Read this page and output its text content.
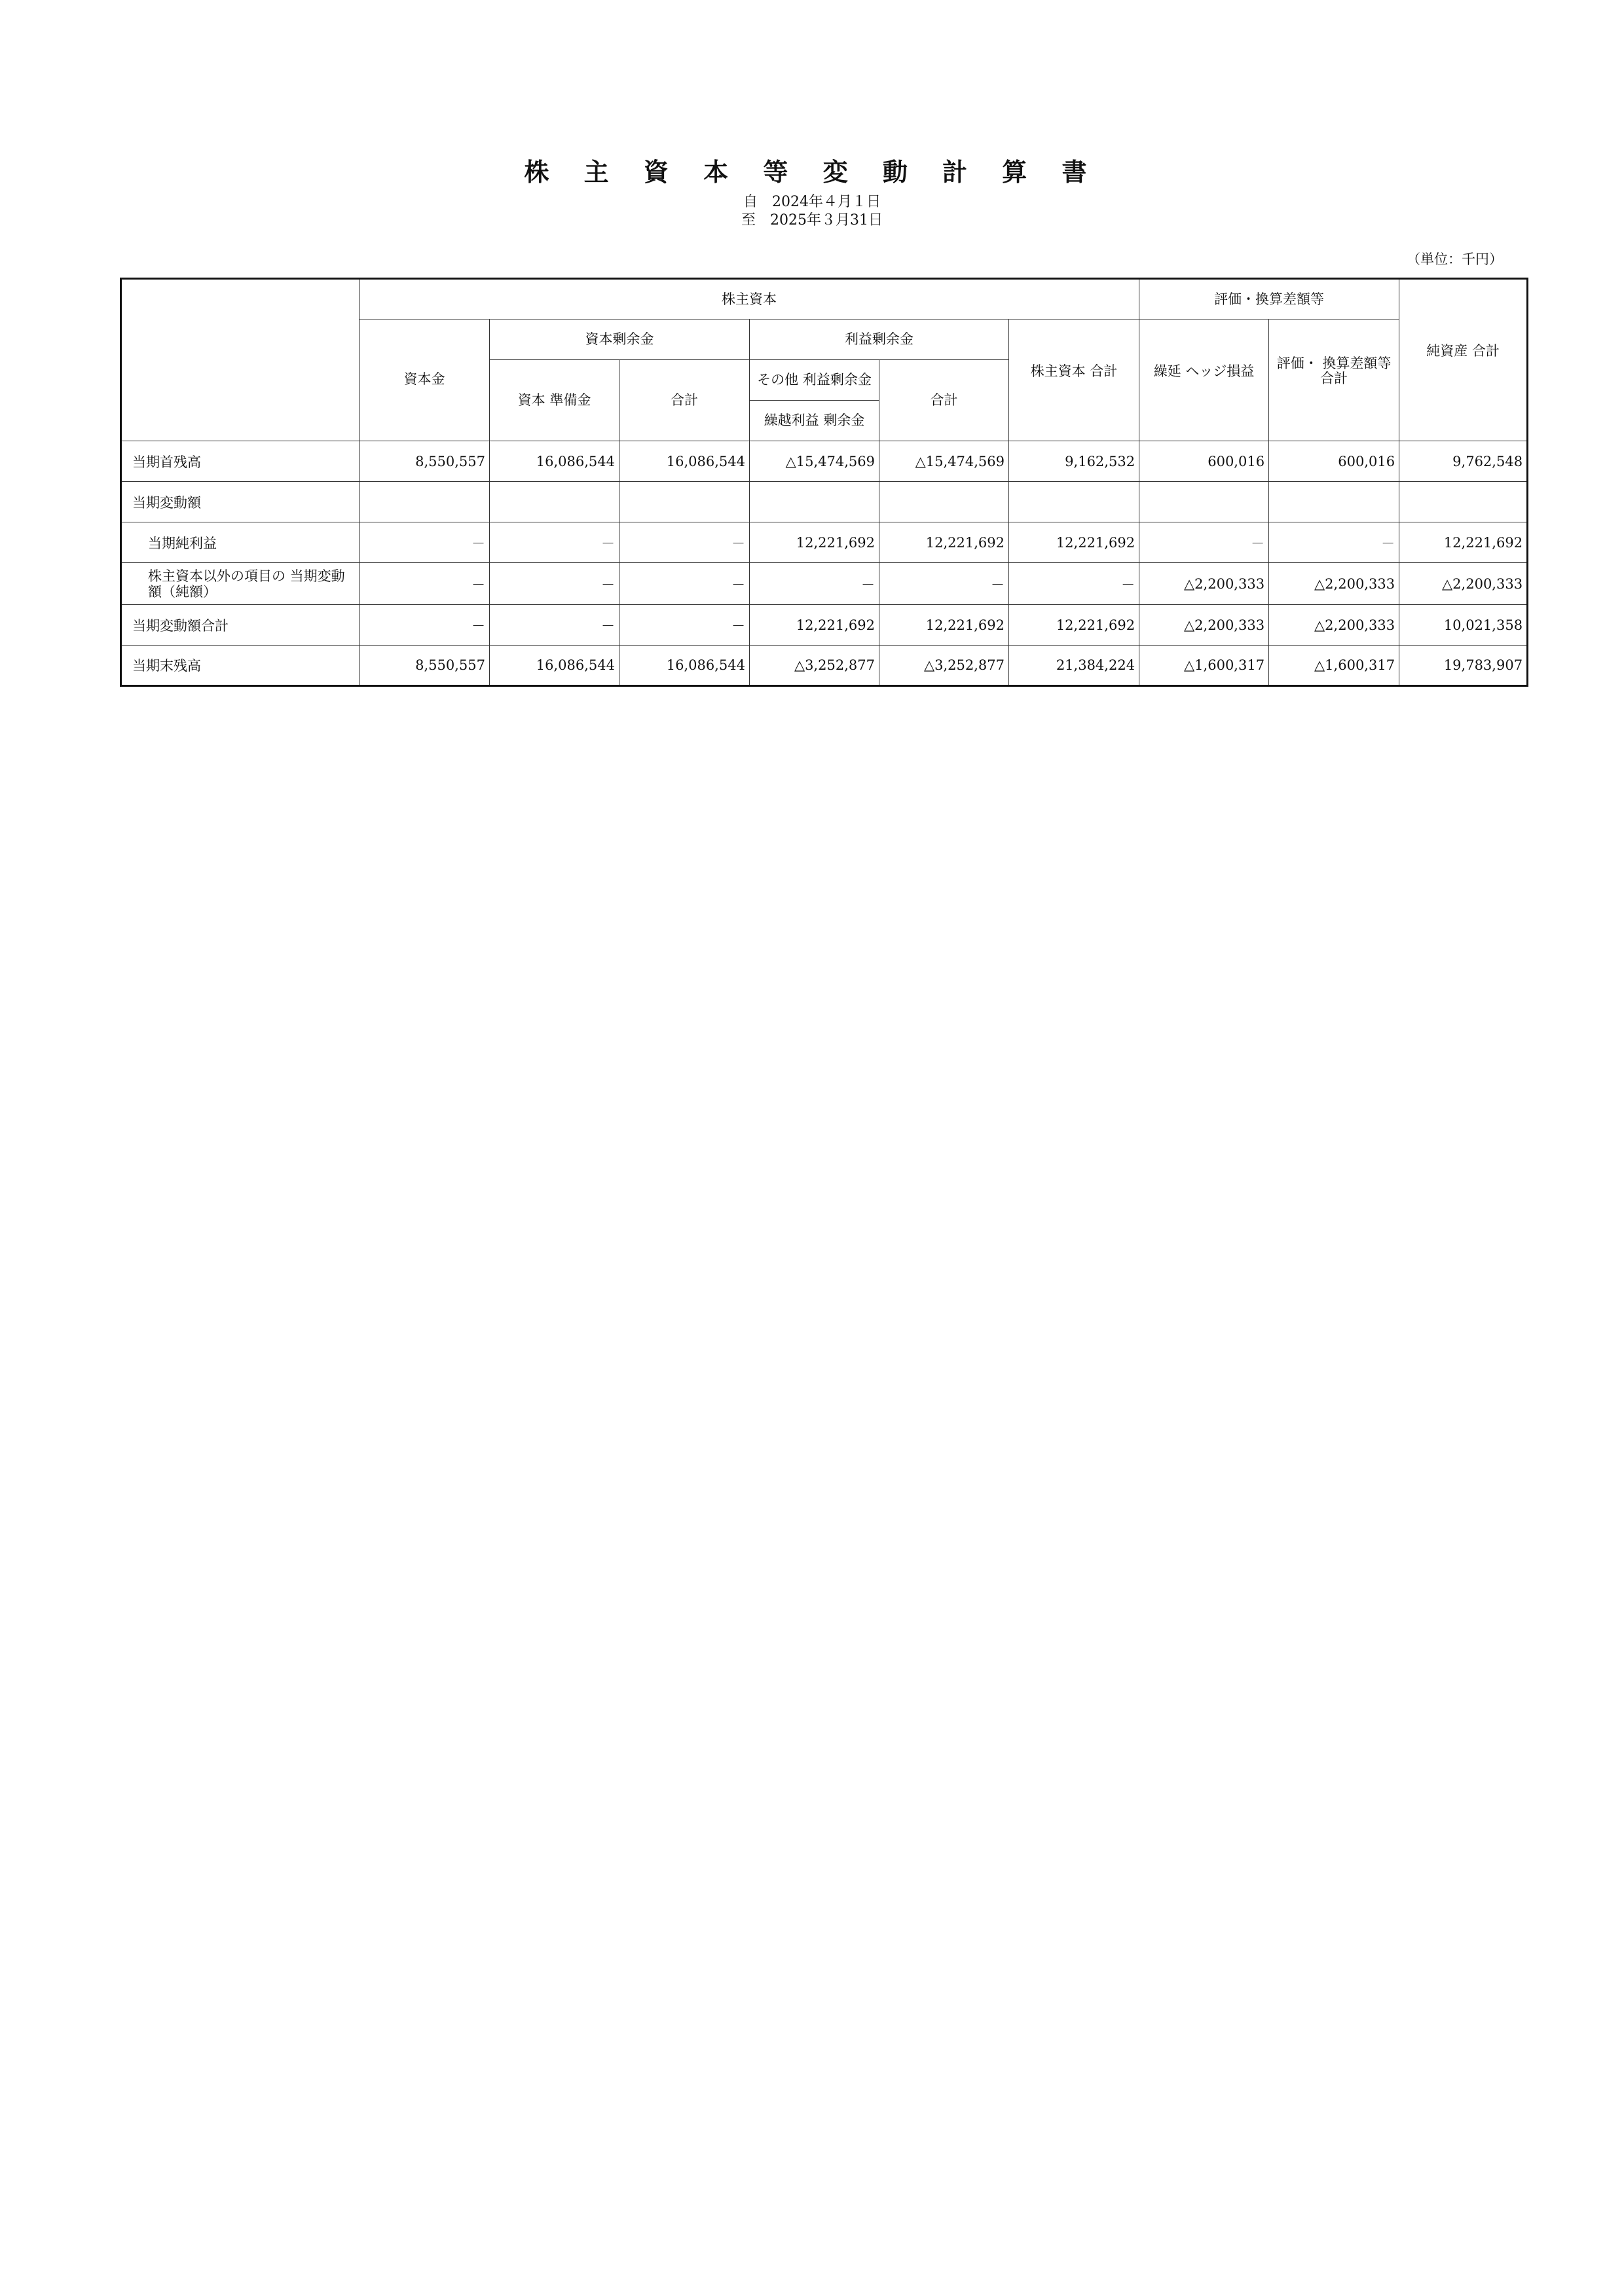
株 主 資 本 等 変 動 計 算 書
自　2024年４月１日
至　2025年３月31日
（単位：千円）
	株主資本						評価・換算差額等		純資産 合計
	資本金	資本剰余金		利益剰余金		株主資本 合計	繰延 ヘッジ損益	評価・ 換算差額等 合計	
		資本 準備金	合計	その他 利益剰余金	合計				
				繰越利益 剰余金					
当期首残高	8,550,557	16,086,544	16,086,544	△15,474,569	△15,474,569	9,162,532	600,016	600,016	9,762,548
当期変動額									
当期純利益	－	－	－	12,221,692	12,221,692	12,221,692	－	－	12,221,692
株主資本以外の項目の 当期変動額（純額）	－	－	－	－	－	－	△2,200,333	△2,200,333	△2,200,333
当期変動額合計	－	－	－	12,221,692	12,221,692	12,221,692	△2,200,333	△2,200,333	10,021,358
当期末残高	8,550,557	16,086,544	16,086,544	△3,252,877	△3,252,877	21,384,224	△1,600,317	△1,600,317	19,783,907
